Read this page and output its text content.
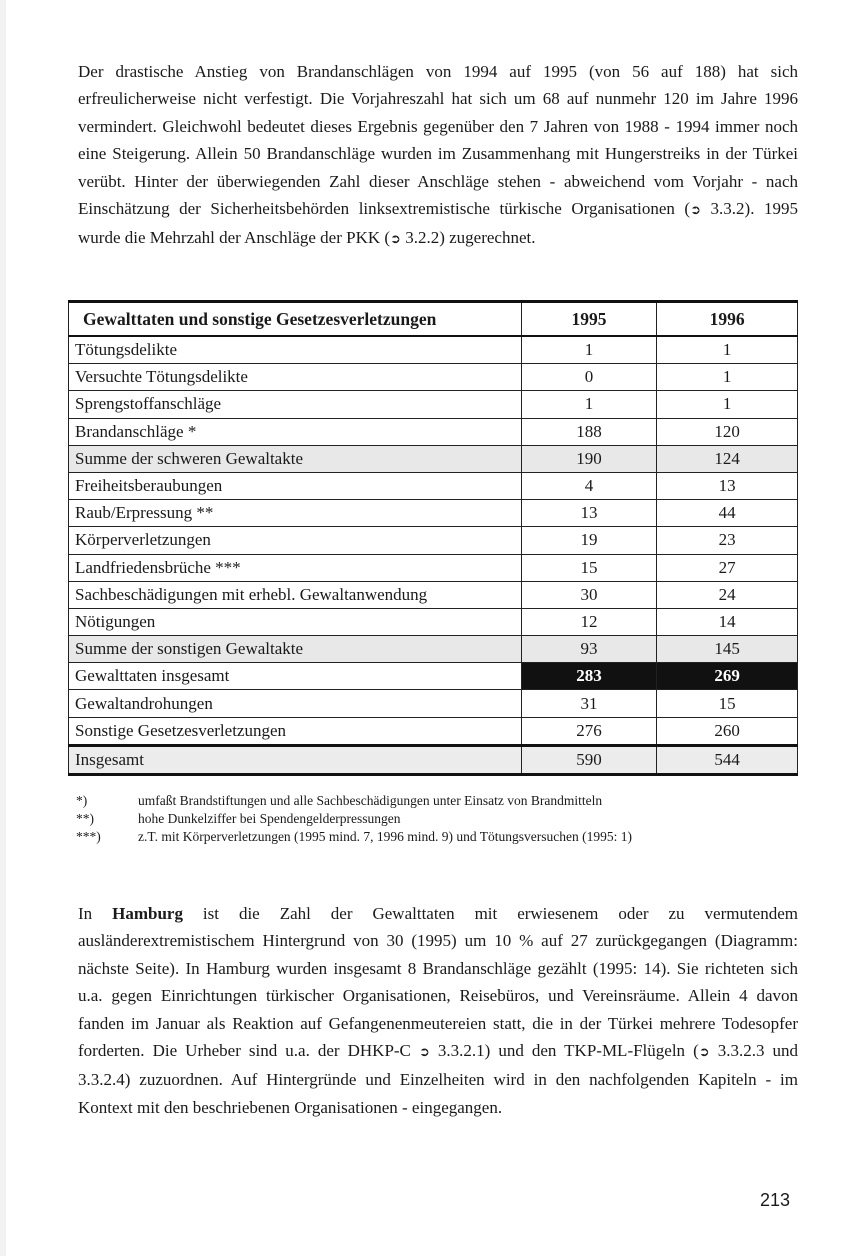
Der drastische Anstieg von Brandanschlägen von 1994 auf 1995 (von 56 auf 188) hat sich erfreulicherweise nicht verfestigt. Die Vorjahreszahl hat sich um 68 auf nunmehr 120 im Jahre 1996 vermindert. Gleichwohl bedeutet dieses Ergebnis gegenüber den 7 Jahren von 1988 - 1994 immer noch eine Steigerung. Allein 50 Brandanschläge wurden im Zusammenhang mit Hungerstreiks in der Türkei verübt. Hinter der überwiegenden Zahl dieser Anschläge stehen - abweichend vom Vorjahr - nach Einschätzung der Sicherheitsbehörden linksextremistische türkische Organisationen (➲ 3.3.2). 1995 wurde die Mehrzahl der Anschläge der PKK (➲ 3.2.2) zugerechnet.

Gewalttaten und sonstige Gesetzesverletzungen	1995	1996
Tötungsdelikte	1	1
Versuchte Tötungsdelikte	0	1
Sprengstoffanschläge	1	1
Brandanschläge *	188	120
Summe der schweren Gewaltakte	190	124
Freiheitsberaubungen	4	13
Raub/Erpressung **	13	44
Körperverletzungen	19	23
Landfriedensbrüche ***	15	27
Sachbeschädigungen mit erhebl. Gewaltanwendung	30	24
Nötigungen	12	14
Summe der sonstigen Gewaltakte	93	145
Gewalttaten insgesamt	283	269
Gewaltandrohungen	31	15
Sonstige Gesetzesverletzungen	276	260
Insgesamt	590	544
*)	umfaßt Brandstiftungen und alle Sachbeschädigungen unter Einsatz von Brandmitteln
**)	hohe Dunkelziffer bei Spendengelderpressungen
***)	z.T. mit Körperverletzungen (1995 mind. 7, 1996 mind. 9) und Tötungsversuchen (1995: 1)

In Hamburg ist die Zahl der Gewalttaten mit erwiesenem oder zu vermutendem ausländerextremistischem Hintergrund von 30 (1995) um 10 % auf 27 zurückgegangen (Diagramm: nächste Seite). In Hamburg wurden insgesamt 8 Brandanschläge gezählt (1995: 14). Sie richteten sich u.a. gegen Einrichtungen türkischer Organisationen, Reisebüros, und Vereinsräume. Allein 4 davon fanden im Januar als Reaktion auf Gefangenenmeutereien statt, die in der Türkei mehrere Todesopfer forderten. Die Urheber sind u.a. der DHKP-C ➲ 3.3.2.1) und den TKP-ML-Flügeln (➲ 3.3.2.3 und 3.3.2.4) zuzuordnen. Auf Hintergründe und Einzelheiten wird in den nachfolgenden Kapiteln - im Kontext mit den beschriebenen Organisationen - eingegangen.

213
